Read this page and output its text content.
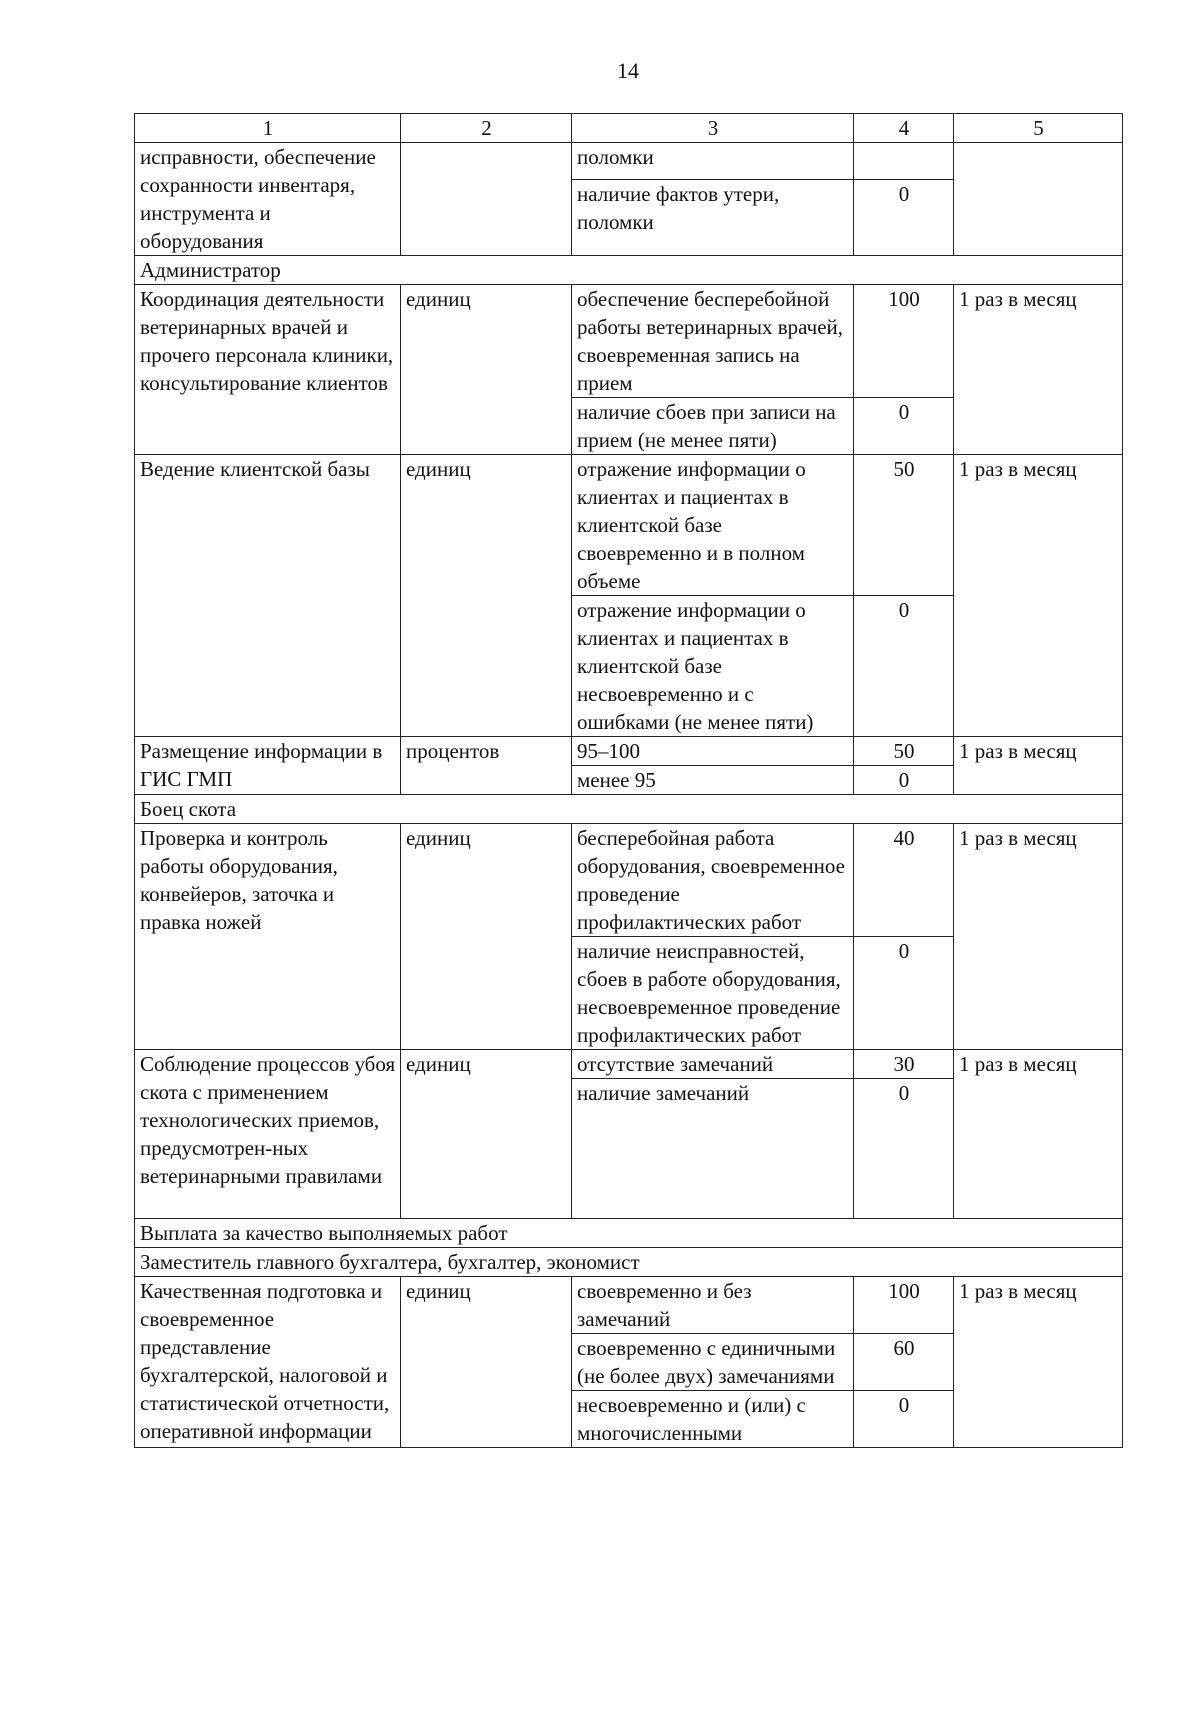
14
1	2	3	4	5
исправности, обеспечение сохранности инвентаря, инструмента и оборудования		поломки		
		наличие фактов утери, поломки	0	
Администратор				
Координация деятельности ветеринарных врачей и прочего персонала клиники, консультирование клиентов	единиц	обеспечение бесперебойной работы ветеринарных врачей, своевременная запись на прием	100	1 раз в месяц
		наличие сбоев при записи на прием (не менее пяти)	0	
Ведение клиентской базы	единиц	отражение информации о клиентах и пациентах в клиентской базе своевременно и в полном объеме	50	1 раз в месяц
		отражение информации о клиентах и пациентах в клиентской базе несвоевременно и с ошибками (не менее пяти)	0	
Размещение информации в ГИС ГМП	процентов	95–100	50	1 раз в месяц
		менее 95	0	
Боец скота				
Проверка и контроль работы оборудования, конвейеров, заточка и правка ножей	единиц	бесперебойная работа оборудования, своевременное проведение профилактических работ	40	1 раз в месяц
		наличие неисправностей, сбоев в работе оборудования, несвоевременное проведение профилактических работ	0	
Соблюдение процессов убоя скота с применением технологических приемов, предусмотрен-ных ветеринарными правилами	единиц	отсутствие замечаний	30	1 раз в месяц
		наличие замечаний	0	
Выплата за качество выполняемых работ				
Заместитель главного бухгалтера, бухгалтер, экономист				
Качественная подготовка и своевременное представление бухгалтерской, налоговой и статистической отчетности, оперативной информации	единиц	своевременно и без замечаний	100	1 раз в месяц
		своевременно с единичными (не более двух) замечаниями	60	
		несвоевременно и (или) с многочисленными	0	
